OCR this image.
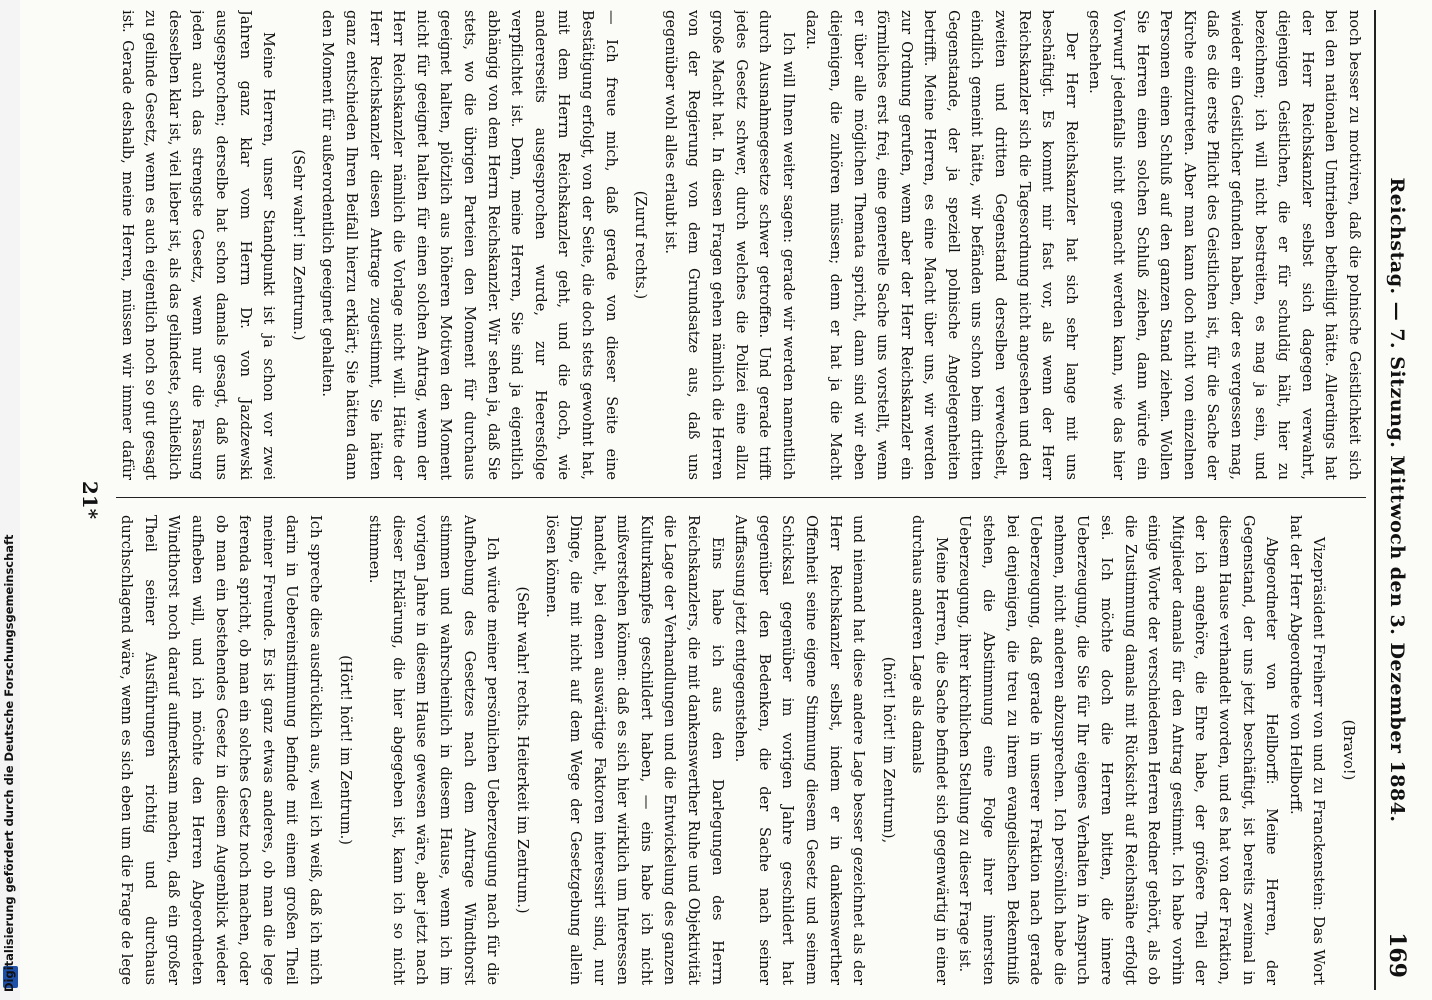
Reichstag. — 7. Sitzung. Mittwoch den 3. Dezember 1884.
169

noch besser zu motiviren, daß die polnische Geistlichkeit sich bei den nationalen Umtrieben betheiligt hätte. Allerdings hat der Herr Reichskanzler selbst sich dagegen verwahrt, diejenigen Geistlichen, die er für schuldig hält, hier zu bezeichnen; ich will nicht bestreiten, es mag ja sein, und wieder ein Geistlicher gefunden haben, der es vergessen mag, daß es die erste Pflicht des Geistlichen ist, für die Sache der Kirche einzutreten. Aber man kann doch nicht von einzelnen Personen einen Schluß auf den ganzen Stand ziehen. Wollen Sie Herren einen solchen Schluß ziehen, dann würde ein Vorwurf jedenfalls nicht gemacht werden kann, wie das hier geschehen.

Der Herr Reichskanzler hat sich sehr lange mit uns beschäftigt. Es kommt mir fast vor, als wenn der Herr Reichskanzler sich die Tagesordnung nicht angesehen und den zweiten und dritten Gegenstand derselben verwechselt, eindlich gemeint hätte, wir befänden uns schon beim dritten Gegenstande, der ja speziell polnische Angelegenheiten betrifft. Meine Herren, es eine Macht über uns, wir werden zur Ordnung gerufen, wenn aber der Herr Reichskanzler ein förmliches erst frei, eine generelle Sache uns vorstellt, wenn er über alle möglichen Themata spricht, dann sind wir eben diejenigen, die zuhören müssen; denn er hat ja die Macht dazu.

Ich will Ihnen weiter sagen: gerade wir werden namentlich durch Ausnahmegesetze schwer getroffen. Und gerade trifft jedes Gesetz schwer, durch welches die Polizei eine allzu große Macht hat. In diesen Fragen gehen nämlich die Herren von der Regierung von dem Grundsatze aus, daß uns gegenüber wohl alles erlaubt ist.

(Zuruf rechts.)

— Ich freue mich, daß gerade von dieser Seite eine Bestätigung erfolgt, von der Seite, die doch stets gewohnt hat, mit dem Herrn Reichskanzler geht, und die doch, wie andererseits ausgesprochen wurde, zur Heeresfolge verpflichtet ist. Denn, meine Herren, Sie sind ja eigentlich abhängig von dem Herrn Reichskanzler. Wir sehen ja, daß Sie stets, wo die übrigen Parteien den Moment für durchaus geeignet halten, plötzlich aus höheren Motiven den Moment nicht für geeignet halten für einen solchen Antrag, wenn der Herr Reichskanzler nämlich die Vorlage nicht will. Hätte der Herr Reichskanzler diesen Antrage zugestimmt, Sie hätten ganz entschieden Ihren Beifall hierzu erklärt; Sie hätten dann den Moment für außerordentlich geeignet gehalten.

(Sehr wahr! im Zentrum.)

Meine Herren, unser Standpunkt ist ja schon vor zwei Jahren ganz klar vom Herrn Dr. von Jazdzewski ausgesprochen; derselbe hat schon damals gesagt, daß uns jeden auch das strengste Gesetz, wenn nur die Fassung desselben klar ist, viel lieber ist, als das gelindeste, schließlich zu gelinde Gesetz, wenn es auch eigentlich noch so gut gesagt ist. Gerade deshalb, meine Herren, müssen wir immer dafür

(Bravo!)

Vizepräsident Freiherr von und zu Franckenstein: Das Wort hat der Herr Abgeordnete von Hellborff.

Abgeordneter von Hellborff: Meine Herren, der Gegenstand, der uns jetzt beschäftigt, ist bereits zweimal in diesem Hause verhandelt worden, und es hat von der Fraktion, der ich angehöre, die Ehre habe, der größere Theil der Mitglieder damals für den Antrag gestimmt. Ich habe vorhin einige Worte der verschiedenen Herren Redner gehört, als ob die Zustimmung damals mit Rücksicht auf Reichsnähe erfolgt sei. Ich möchte doch die Herren bitten, die innere Ueberzeugung, die Sie für Ihr eigenes Verhalten in Anspruch nehmen, nicht anderen abzusprechen. Ich persönlich habe die Ueberzeugung, daß gerade in unserer Fraktion nach gerade bei denjenigen, die treu zu ihrem evangelischen Bekenntniß stehen, die Abstimmung eine Folge ihrer innersten Ueberzeugung, ihrer kirchlichen Stellung zu dieser Frage ist.

Meine Herren, die Sache befindet sich gegenwärtig in einer durchaus anderen Lage als damals

(hört! hört! im Zentrum),

und niemand hat diese andere Lage besser gezeichnet als der Herr Reichskanzler selbst, indem er in dankenswerther Offenheit seine eigene Stimmung diesem Gesetz und seinem Schicksal gegenüber im vorigen Jahre geschildert hat gegenüber den Bedenken, die der Sache nach seiner Auffassung jetzt entgegenstehen.

Eins habe ich aus den Darlegungen des Herrn Reichskanzlers, die mit dankenswerther Ruhe und Objektivität die Lage der Verhandlungen und die Entwickelung des ganzen Kulturkampfes geschildert haben, — eins habe ich nicht mißverstehen können: daß es sich hier wirklich um Interessen handelt, bei denen auswärtige Faktoren interessirt sind, nur Dinge, die mit nicht auf dem Wege der Gesetzgebung allein lösen können.

(Sehr wahr! rechts. Heiterkeit im Zentrum.)

Ich würde meiner persönlichen Ueberzeugung nach für die Aufhebung des Gesetzes nach dem Antrage Windthorst stimmen und wahrscheinlich in diesem Hause, wenn ich im vorigen Jahre in diesem Hause gewesen wäre, aber jetzt nach dieser Erklärung, die hier abgegeben ist, kann ich so nicht stimmen.

(Hört! hört! im Zentrum.)

Ich spreche dies ausdrücklich aus, weil ich weiß, daß ich mich darin in Uebereinstimmung befinde mit einem großen Theil meiner Freunde. Es ist ganz etwas anderes, ob man die lege ferenda spricht, ob man ein solches Gesetz noch machen, oder ob man ein bestehendes Gesetz in diesem Augenblick wieder aufheben will, und ich möchte den Herren Abgeordneten Windthorst noch darauf aufmerksam machen, daß ein großer Theil seiner Ausführungen richtig und durchaus durchschlagend wäre, wenn es sich eben um die Frage de lege

21*
Digitalisierung gefördert durch die Deutsche Forschungsgemeinschaft
